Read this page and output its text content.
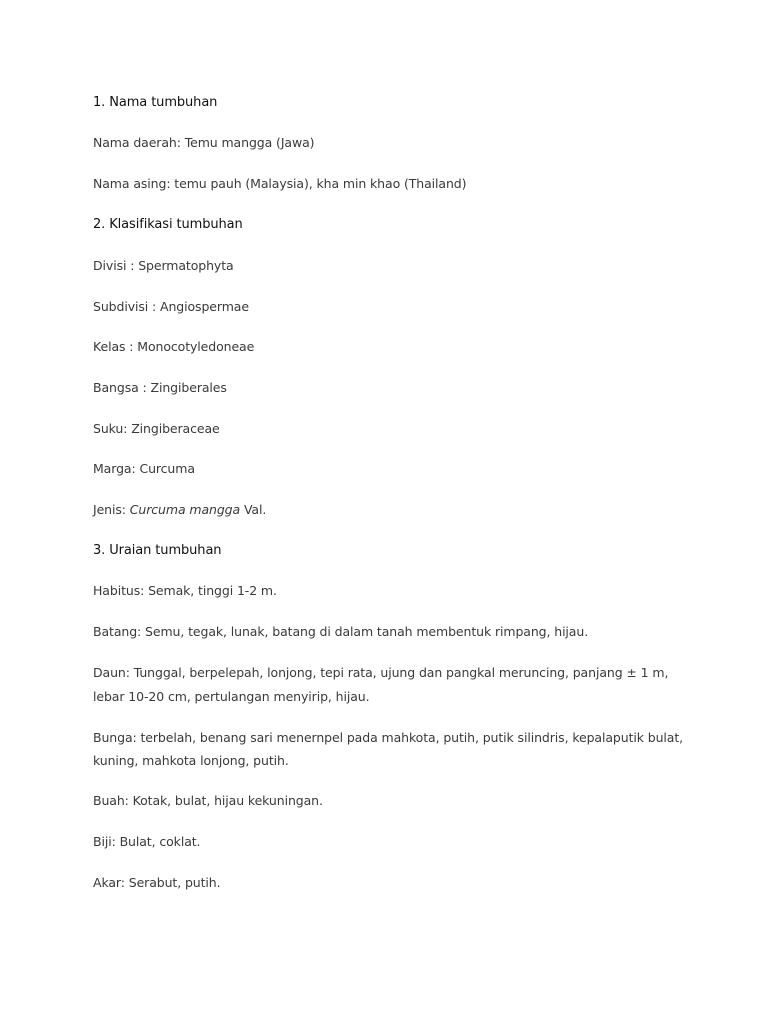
1. Nama tumbuhan
Nama daerah: Temu mangga (Jawa)
Nama asing: temu pauh (Malaysia), kha min khao (Thailand)
2. Klasifikasi tumbuhan
Divisi : Spermatophyta
Subdivisi : Angiospermae
Kelas : Monocotyledoneae
Bangsa : Zingiberales
Suku: Zingiberaceae
Marga: Curcuma
Jenis: Curcuma mangga Val.
3. Uraian tumbuhan
Habitus: Semak, tinggi 1-2 m.
Batang: Semu, tegak, lunak, batang di dalam tanah membentuk rimpang, hijau.
Daun: Tunggal, berpelepah, lonjong, tepi rata, ujung dan pangkal meruncing, panjang ± 1 m,
lebar 10-20 cm, pertulangan menyirip, hijau.
Bunga: terbelah, benang sari menernpel pada mahkota, putih, putik silindris, kepalaputik bulat,
kuning, mahkota lonjong, putih.
Buah: Kotak, bulat, hijau kekuningan.
Biji: Bulat, coklat.
Akar: Serabut, putih.
